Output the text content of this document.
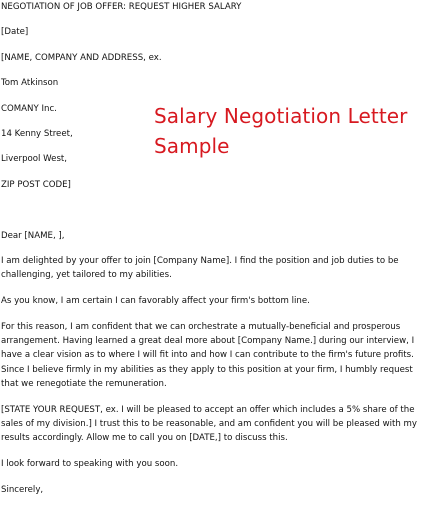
NEGOTIATION OF JOB OFFER: REQUEST HIGHER SALARY
[Date]
[NAME, COMPANY AND ADDRESS, ex.
Tom Atkinson
COMANY Inc.
14 Kenny Street,
Liverpool West,
ZIP POST CODE]
Dear [NAME, ],
I am delighted by your offer to join [Company Name]. I find the position and job duties to be
challenging, yet tailored to my abilities.
As you know, I am certain I can favorably affect your firm's bottom line.
For this reason, I am confident that we can orchestrate a mutually-beneficial and prosperous
arrangement. Having learned a great deal more about [Company Name.] during our interview, I
have a clear vision as to where I will fit into and how I can contribute to the firm's future profits.
Since I believe firmly in my abilities as they apply to this position at your firm, I humbly request
that we renegotiate the remuneration.
[STATE YOUR REQUEST, ex. I will be pleased to accept an offer which includes a 5% share of the
sales of my division.] I trust this to be reasonable, and am confident you will be pleased with my
results accordingly. Allow me to call you on [DATE,] to discuss this.
I look forward to speaking with you soon.
Sincerely,
Salary Negotiation Letter
Sample
